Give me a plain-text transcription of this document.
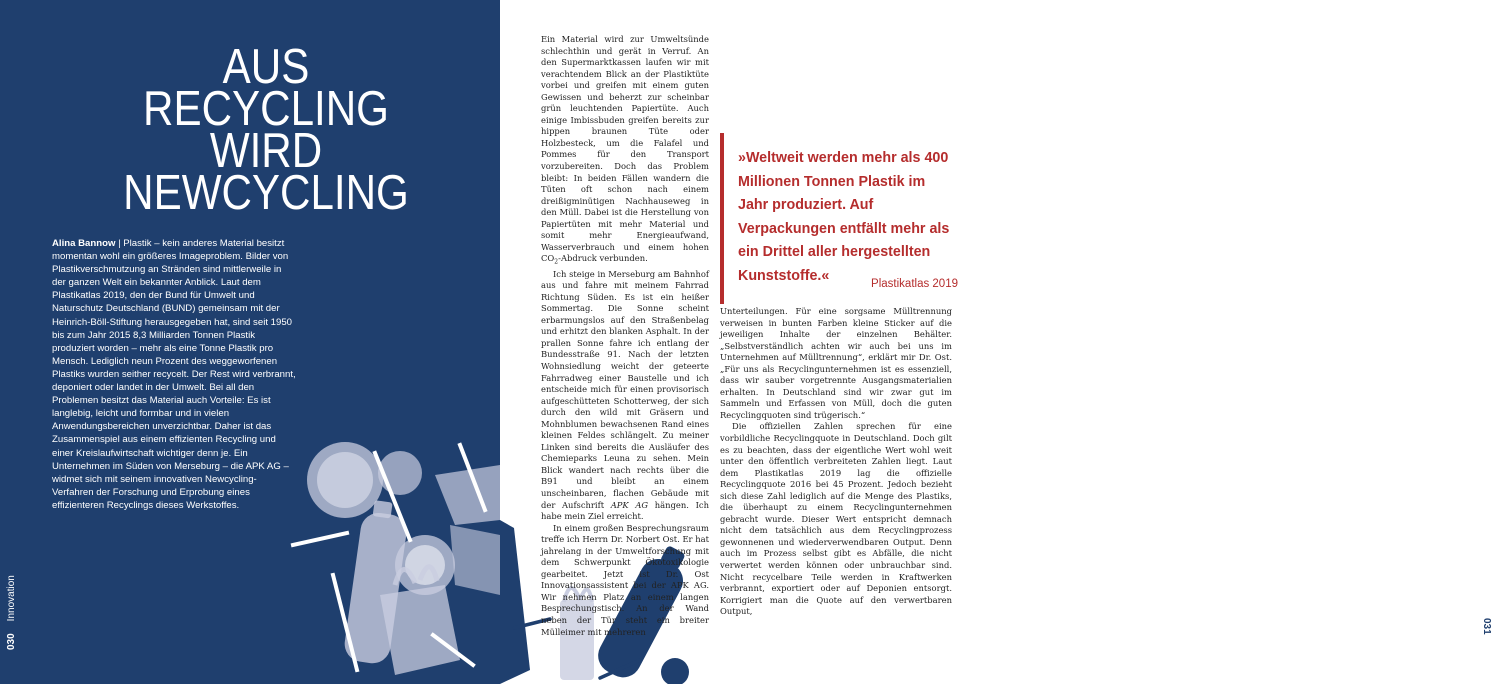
AUS
RECYCLING
WIRD
NEWCYCLING
Alina Bannow | Plastik – kein anderes Material besitzt momentan wohl ein größeres Imageproblem. Bilder von Plastikverschmutzung an Stränden sind mittlerweile in der ganzen Welt ein bekannter Anblick. Laut dem Plastikatlas 2019, den der Bund für Umwelt und Naturschutz Deutschland (BUND) gemeinsam mit der Heinrich-Böll-Stiftung herausgegeben hat, sind seit 1950 bis zum Jahr 2015 8,3 Milliarden Tonnen Plastik produziert worden – mehr als eine Tonne Plastik pro Mensch. Lediglich neun Prozent des weggeworfenen Plastiks wurden seither recycelt. Der Rest wird verbrannt, deponiert oder landet in der Umwelt. Bei all den Problemen besitzt das Material auch Vorteile: Es ist langlebig, leicht und formbar und in vielen Anwendungsbereichen unverzichtbar. Daher ist das Zusammenspiel aus einem effizienten Recycling und einer Kreislaufwirtschaft wichtiger denn je. Ein Unternehmen im Süden von Merseburg – die APK AG – widmet sich mit seinem innovativen Newcycling-Verfahren der Forschung und Erprobung eines effizienteren Recyclings dieses Werkstoffes.
030Innovation
031

Ein Material wird zur Umweltsünde schlechthin und gerät in Verruf. An den Supermarktkassen laufen wir mit verachtendem Blick an der Plastiktüte vorbei und greifen mit einem guten Gewissen und beherzt zur scheinbar grün leuchtenden Papiertüte. Auch einige Imbissbuden greifen bereits zur hippen braunen Tüte oder Holzbesteck, um die Falafel und Pommes für den Transport vorzubereiten. Doch das Problem bleibt: In beiden Fällen wandern die Tüten oft schon nach einem dreißigminütigen Nachhauseweg in den Müll. Dabei ist die Herstellung von Papiertüten mit mehr Material und somit mehr Energieaufwand, Wasserverbrauch und einem hohen $CO_2$-Abdruck verbunden.

Ich steige in Merseburg am Bahnhof aus und fahre mit meinem Fahrrad Richtung Süden. Es ist ein heißer Sommertag. Die Sonne scheint erbarmungslos auf den Straßenbelag und erhitzt den blanken Asphalt. In der prallen Sonne fahre ich entlang der Bundesstraße 91. Nach der letzten Wohnsiedlung weicht der geteerte Fahrradweg einer Baustelle und ich entscheide mich für einen provisorisch aufgeschütteten Schotterweg, der sich durch den wild mit Gräsern und Mohnblumen bewachsenen Rand eines kleinen Feldes schlängelt. Zu meiner Linken sind bereits die Ausläufer des Chemieparks Leuna zu sehen. Mein Blick wandert nach rechts über die B91 und bleibt an einem unscheinbaren, flachen Gebäude mit der Aufschrift APK AG hängen. Ich habe mein Ziel erreicht.

In einem großen Besprechungsraum treffe ich Herrn Dr. Norbert Ost. Er hat jahrelang in der Umweltforschung mit dem Schwerpunkt Ökotoxikologie gearbeitet. Jetzt ist Dr. Ost Innovationsassistent bei der APK AG. Wir nehmen Platz an einem langen Besprechungstisch. An der Wand neben der Tür steht ein breiter Mülleimer mit mehreren

»Weltweit werden mehr als 400 Millionen Tonnen Plastik im Jahr produziert. Auf Verpackungen entfällt mehr als ein Drittel aller hergestellten Kunststoffe.«
Plastikatlas 2019

Unterteilungen. Für eine sorgsame Mülltrennung verweisen in bunten Farben kleine Sticker auf die jeweiligen Inhalte der einzelnen Behälter. „Selbstverständlich achten wir auch bei uns im Unternehmen auf Mülltrennung“, erklärt mir Dr. Ost. „Für uns als Recyclingunternehmen ist es essenziell, dass wir sauber vorgetrennte Ausgangsmaterialien erhalten. In Deutschland sind wir zwar gut im Sammeln und Erfassen von Müll, doch die guten Recyclingquoten sind trügerisch.“

Die offiziellen Zahlen sprechen für eine vorbildliche Recyclingquote in Deutschland. Doch gilt es zu beachten, dass der eigentliche Wert wohl weit unter den öffentlich verbreiteten Zahlen liegt. Laut dem Plastikatlas 2019 lag die offizielle Recyclingquote 2016 bei 45 Prozent. Jedoch bezieht sich diese Zahl lediglich auf die Menge des Plastiks, die überhaupt zu einem Recyclingunternehmen gebracht wurde. Dieser Wert entspricht demnach nicht dem tatsächlich aus dem Recyclingprozess gewonnenen und wiederverwendbaren Output. Denn auch im Prozess selbst gibt es Abfälle, die nicht verwertet werden können oder unbrauchbar sind. Nicht recycelbare Teile werden in Kraftwerken verbrannt, exportiert oder auf Deponien entsorgt. Korrigiert man die Quote auf den verwertbaren Output,
